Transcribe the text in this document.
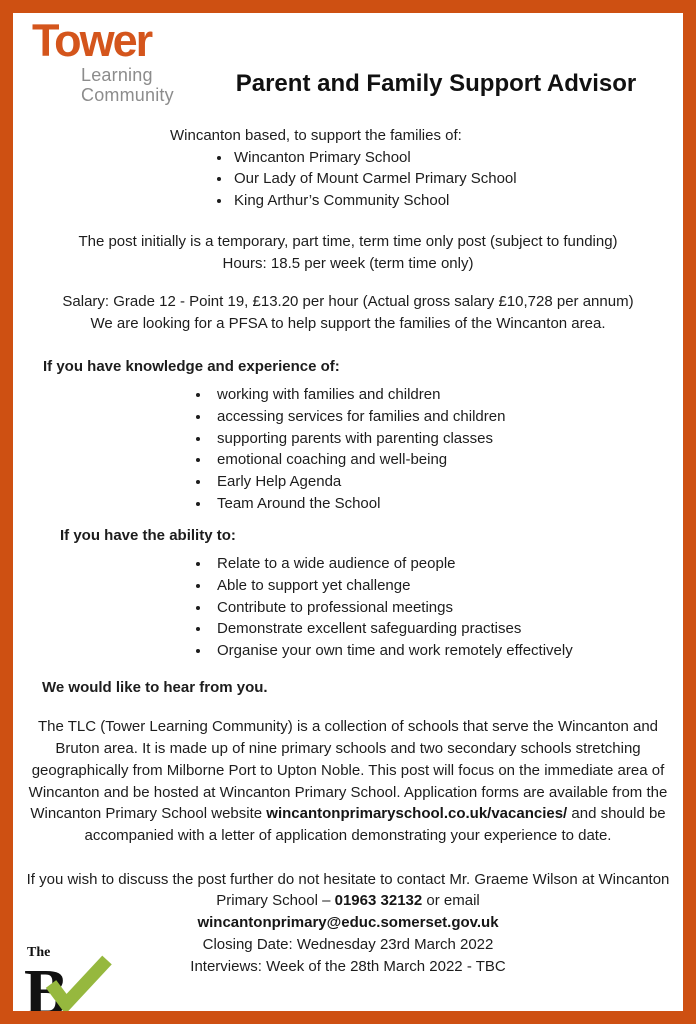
Tower
Learning
Community	Parent and Family Support Advisor
Wincanton based, to support the families of:
• Wincanton Primary School
• Our Lady of Mount Carmel Primary School
• King Arthur’s Community School
The post initially is a temporary, part time, term time only post (subject to funding)
Hours: 18.5 per week (term time only)
Salary: Grade 12 - Point 19, £13.20 per hour (Actual gross salary £10,728 per annum)
We are looking for a PFSA to help support the families of the Wincanton area.
If you have knowledge and experience of:
• working with families and children
• accessing services for families and children
• supporting parents with parenting classes
• emotional coaching and well-being
• Early Help Agenda
• Team Around the School
If you have the ability to:
• Relate to a wide audience of people
• Able to support yet challenge
• Contribute to professional meetings
• Demonstrate excellent safeguarding practises
• Organise your own time and work remotely effectively
We would like to hear from you.
The TLC (Tower Learning Community) is a collection of schools that serve the Wincanton and Bruton area. It is made up of nine primary schools and two secondary schools stretching geographically from Milborne Port to Upton Noble. This post will focus on the immediate area of Wincanton and be hosted at Wincanton Primary School. Application forms are available from the Wincanton Primary School website wincantonprimaryschool.co.uk/vacancies/ and should be accompanied with a letter of application demonstrating your experience to date.
If you wish to discuss the post further do not hesitate to contact Mr. Graeme Wilson at Wincanton Primary School – 01963 32132 or email
wincantonprimary@educ.somerset.gov.uk
Closing Date: Wednesday 23rd March 2022
Interviews: Week of the 28th March 2022 - TBC
The
B
